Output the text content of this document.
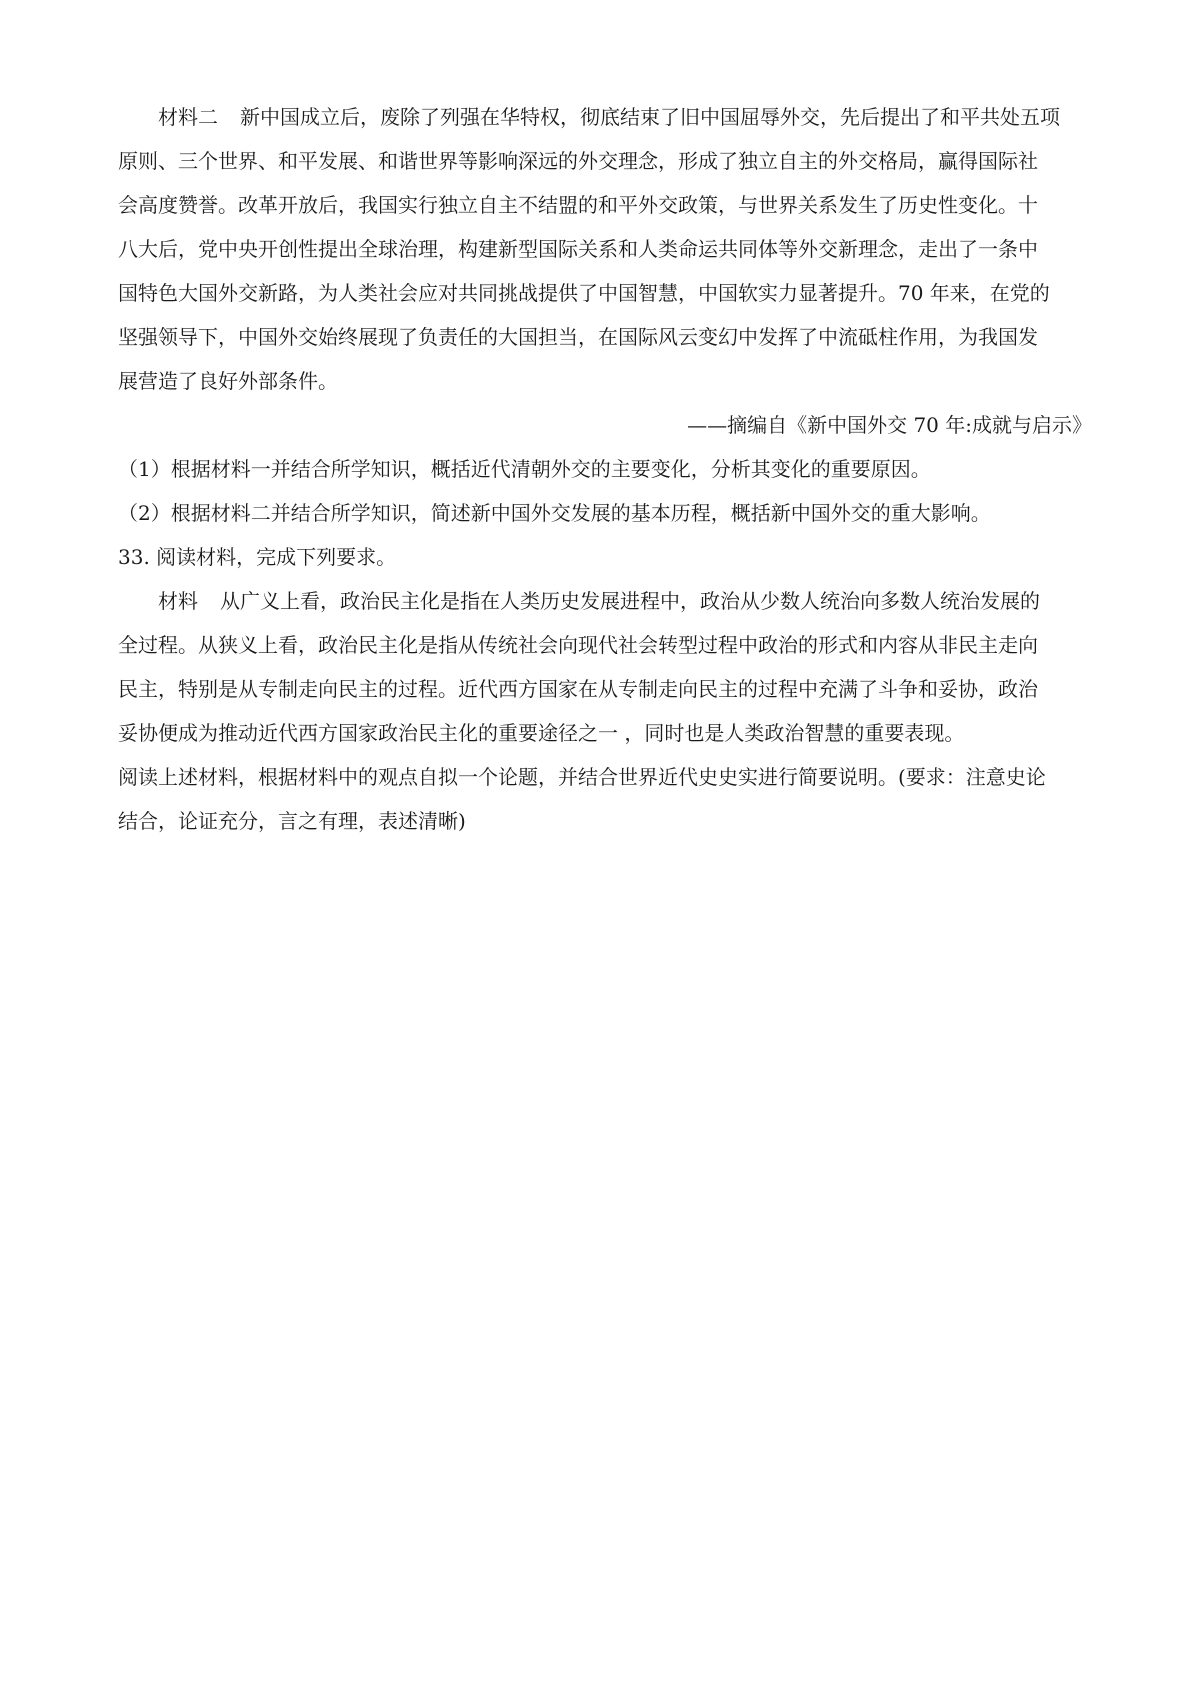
材料二 新中国成立后，废除了列强在华特权，彻底结束了旧中国屈辱外交，先后提出了和平共处五项

原则、三个世界、和平发展、和谐世界等影响深远的外交理念，形成了独立自主的外交格局，赢得国际社

会高度赞誉。改革开放后，我国实行独立自主不结盟的和平外交政策，与世界关系发生了历史性变化。十

八大后，党中央开创性提出全球治理，构建新型国际关系和人类命运共同体等外交新理念，走出了一条中

国特色大国外交新路，为人类社会应对共同挑战提供了中国智慧，中国软实力显著提升。70 年来，在党的

坚强领导下，中国外交始终展现了负责任的大国担当，在国际风云变幻中发挥了中流砥柱作用，为我国发

展营造了良好外部条件。

——摘编自《新中国外交 70 年:成就与启示》

（1）根据材料一并结合所学知识，概括近代清朝外交的主要变化，分析其变化的重要原因。

（2）根据材料二并结合所学知识，简述新中国外交发展的基本历程，概括新中国外交的重大影响。

33. 阅读材料，完成下列要求。

材料 从广义上看，政治民主化是指在人类历史发展进程中，政治从少数人统治向多数人统治发展的

全过程。从狭义上看，政治民主化是指从传统社会向现代社会转型过程中政治的形式和内容从非民主走向

民主，特别是从专制走向民主的过程。近代西方国家在从专制走向民主的过程中充满了斗争和妥协，政治

妥协便成为推动近代西方国家政治民主化的重要途径之一 ，同时也是人类政治智慧的重要表现。

阅读上述材料，根据材料中的观点自拟一个论题，并结合世界近代史史实进行简要说明。(要求：注意史论

结合，论证充分，言之有理，表述清晰)
